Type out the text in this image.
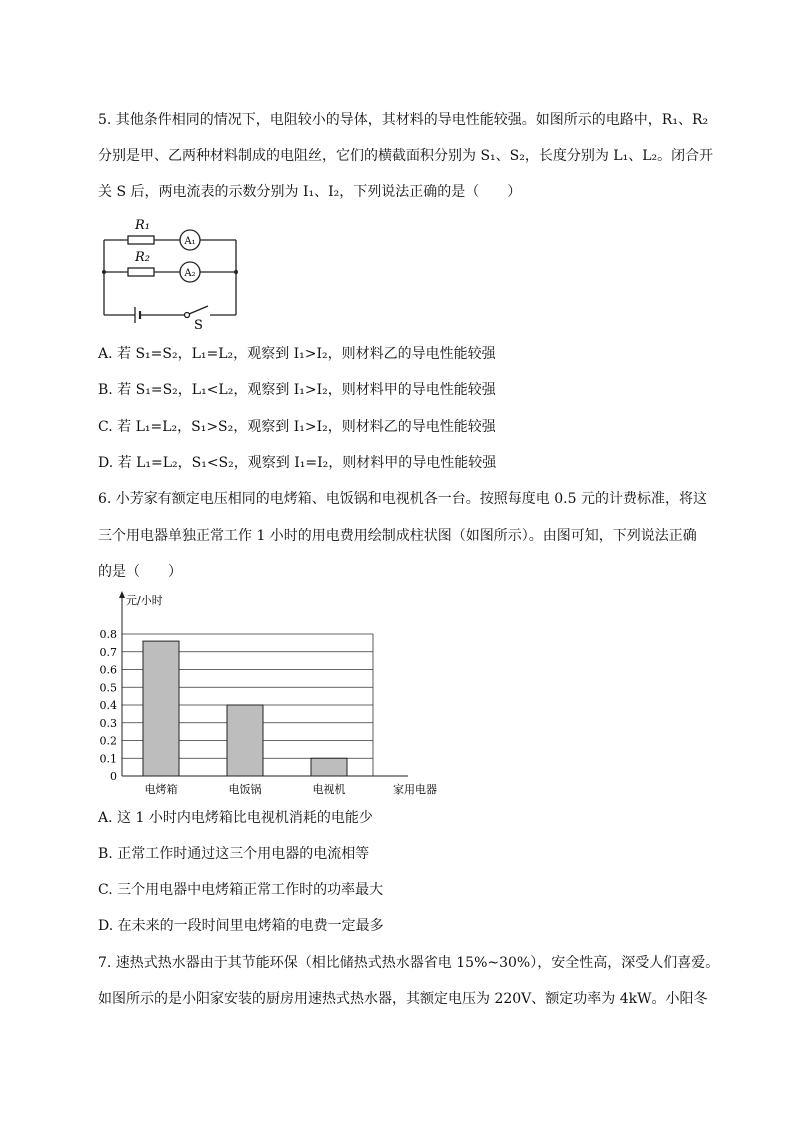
5. 其他条件相同的情况下，电阻较小的导体，其材料的导电性能较强。如图所示的电路中，R₁、R₂
分别是甲、乙两种材料制成的电阻丝，它们的横截面积分别为 S₁、S₂，长度分别为 L₁、L₂。闭合开
关 S 后，两电流表的示数分别为 I₁、I₂，下列说法正确的是（　　）
R₁
R₂
A₁
A₂
S
A. 若 S₁=S₂，L₁=L₂，观察到 I₁>I₂，则材料乙的导电性能较强
B. 若 S₁=S₂，L₁<L₂，观察到 I₁>I₂，则材料甲的导电性能较强
C. 若 L₁=L₂，S₁>S₂，观察到 I₁>I₂，则材料乙的导电性能较强
D. 若 L₁=L₂，S₁<S₂，观察到 I₁=I₂，则材料甲的导电性能较强
6. 小芳家有额定电压相同的电烤箱、电饭锅和电视机各一台。按照每度电 0.5 元的计费标准，将这
三个用电器单独正常工作 1 小时的用电费用绘制成柱状图（如图所示）。由图可知，下列说法正确
的是（　　）
0
0.1
0.2
0.3
0.4
0.5
0.6
0.7
0.8
电烤箱	电饭锅	电视机
元/小时
家用电器
A. 这 1 小时内电烤箱比电视机消耗的电能少
B. 正常工作时通过这三个用电器的电流相等
C. 三个用电器中电烤箱正常工作时的功率最大
D. 在未来的一段时间里电烤箱的电费一定最多
7. 速热式热水器由于其节能环保（相比储热式热水器省电 15%~30%），安全性高，深受人们喜爱。
如图所示的是小阳家安装的厨房用速热式热水器，其额定电压为 220V、额定功率为 4kW。小阳冬
